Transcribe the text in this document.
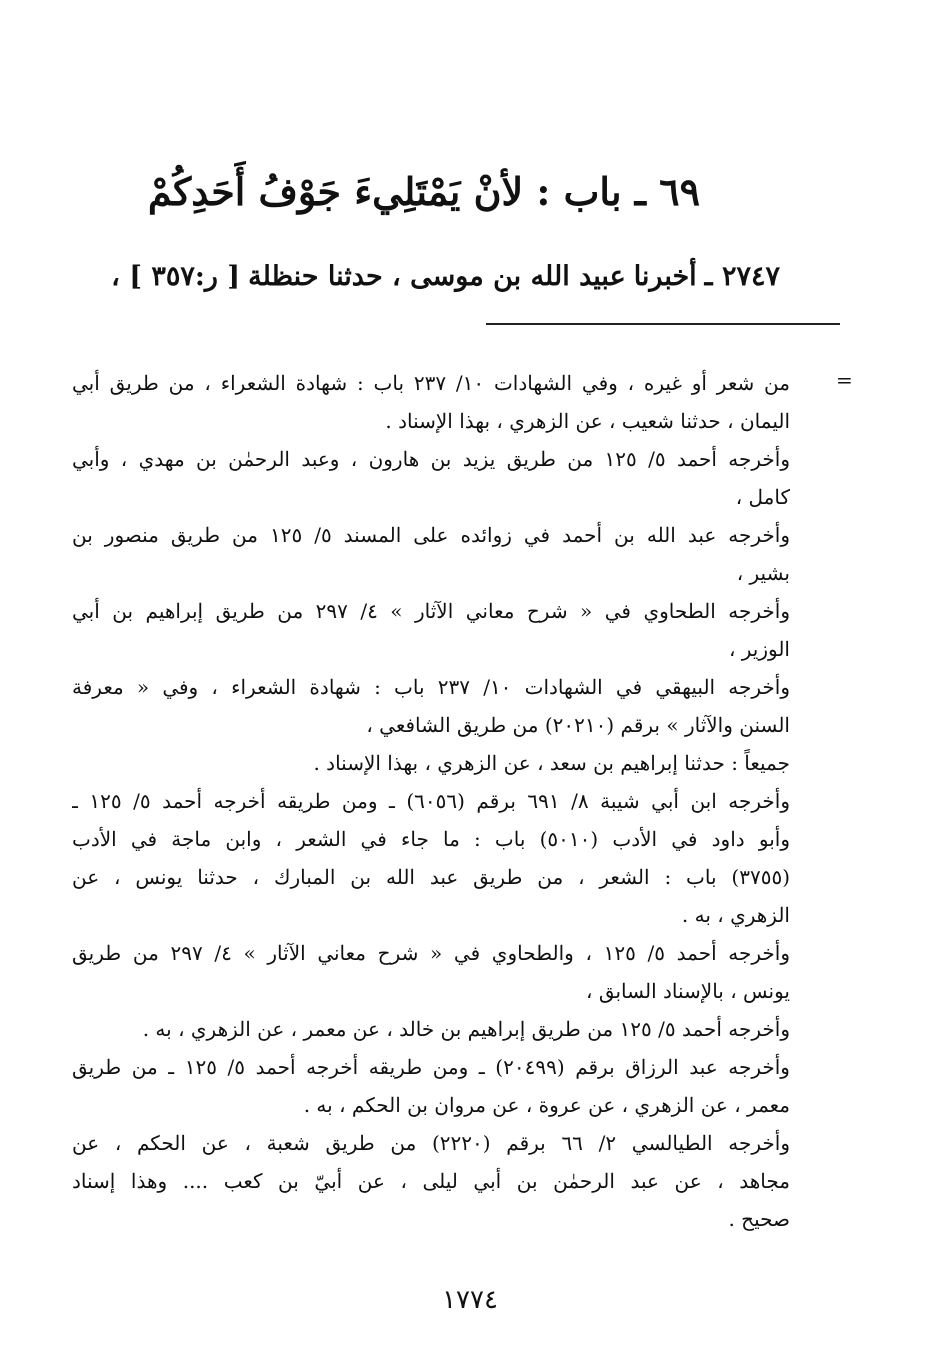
٦٩ ـ باب : لأنْ يَمْتَلِيءَ جَوْفُ أَحَدِكُمْ
٢٧٤٧ ـأخبرناعبيد الله بن موسى ، حدثنا حنظلة[ ر:٣٥٧ ] ،
=
من شعر أو غيره ، وفي الشهادات ١٠/ ٢٣٧ باب : شهادة الشعراء ، من طريق أبي
اليمان ، حدثنا شعيب ، عن الزهري ، بهذا الإسناد .
وأخرجه أحمد ٥/ ١٢٥ من طريق يزيد بن هارون ، وعبد الرحمٰن بن مهدي ، وأبي
كامل ،
وأخرجه عبد الله بن أحمد في زوائده على المسند ٥/ ١٢٥ من طريق منصور بن
بشير ،
وأخرجه الطحاوي في « شرح معاني الآثار » ٤/ ٢٩٧ من طريق إبراهيم بن أبي
الوزير ،
وأخرجه البيهقي في الشهادات ١٠/ ٢٣٧ باب : شهادة الشعراء ، وفي « معرفة
السنن والآثار » برقم (٢٠٢١٠) من طريق الشافعي ،
جميعاً : حدثنا إبراهيم بن سعد ، عن الزهري ، بهذا الإسناد .
وأخرجه ابن أبي شيبة ٨/ ٦٩١ برقم (٦٠٥٦) ـ ومن طريقه أخرجه أحمد ٥/ ١٢٥ ـ
وأبو داود في الأدب (٥٠١٠) باب : ما جاء في الشعر ، وابن ماجة في الأدب
(٣٧٥٥) باب : الشعر ، من طريق عبد الله بن المبارك ، حدثنا يونس ، عن
الزهري ، به .
وأخرجه أحمد ٥/ ١٢٥ ، والطحاوي في « شرح معاني الآثار » ٤/ ٢٩٧ من طريق
يونس ، بالإسناد السابق ،
وأخرجه أحمد ٥/ ١٢٥ من طريق إبراهيم بن خالد ، عن معمر ، عن الزهري ، به .
وأخرجه عبد الرزاق برقم (٢٠٤٩٩) ـ ومن طريقه أخرجه أحمد ٥/ ١٢٥ ـ من طريق
معمر ، عن الزهري ، عن عروة ، عن مروان بن الحكم ، به .
وأخرجه الطيالسي ٢/ ٦٦ برقم (٢٢٢٠) من طريق شعبة ، عن الحكم ، عن
مجاهد ، عن عبد الرحمٰن بن أبي ليلى ، عن أبيّ بن كعب .... وهذا إسناد
صحيح .
١٧٧٤
